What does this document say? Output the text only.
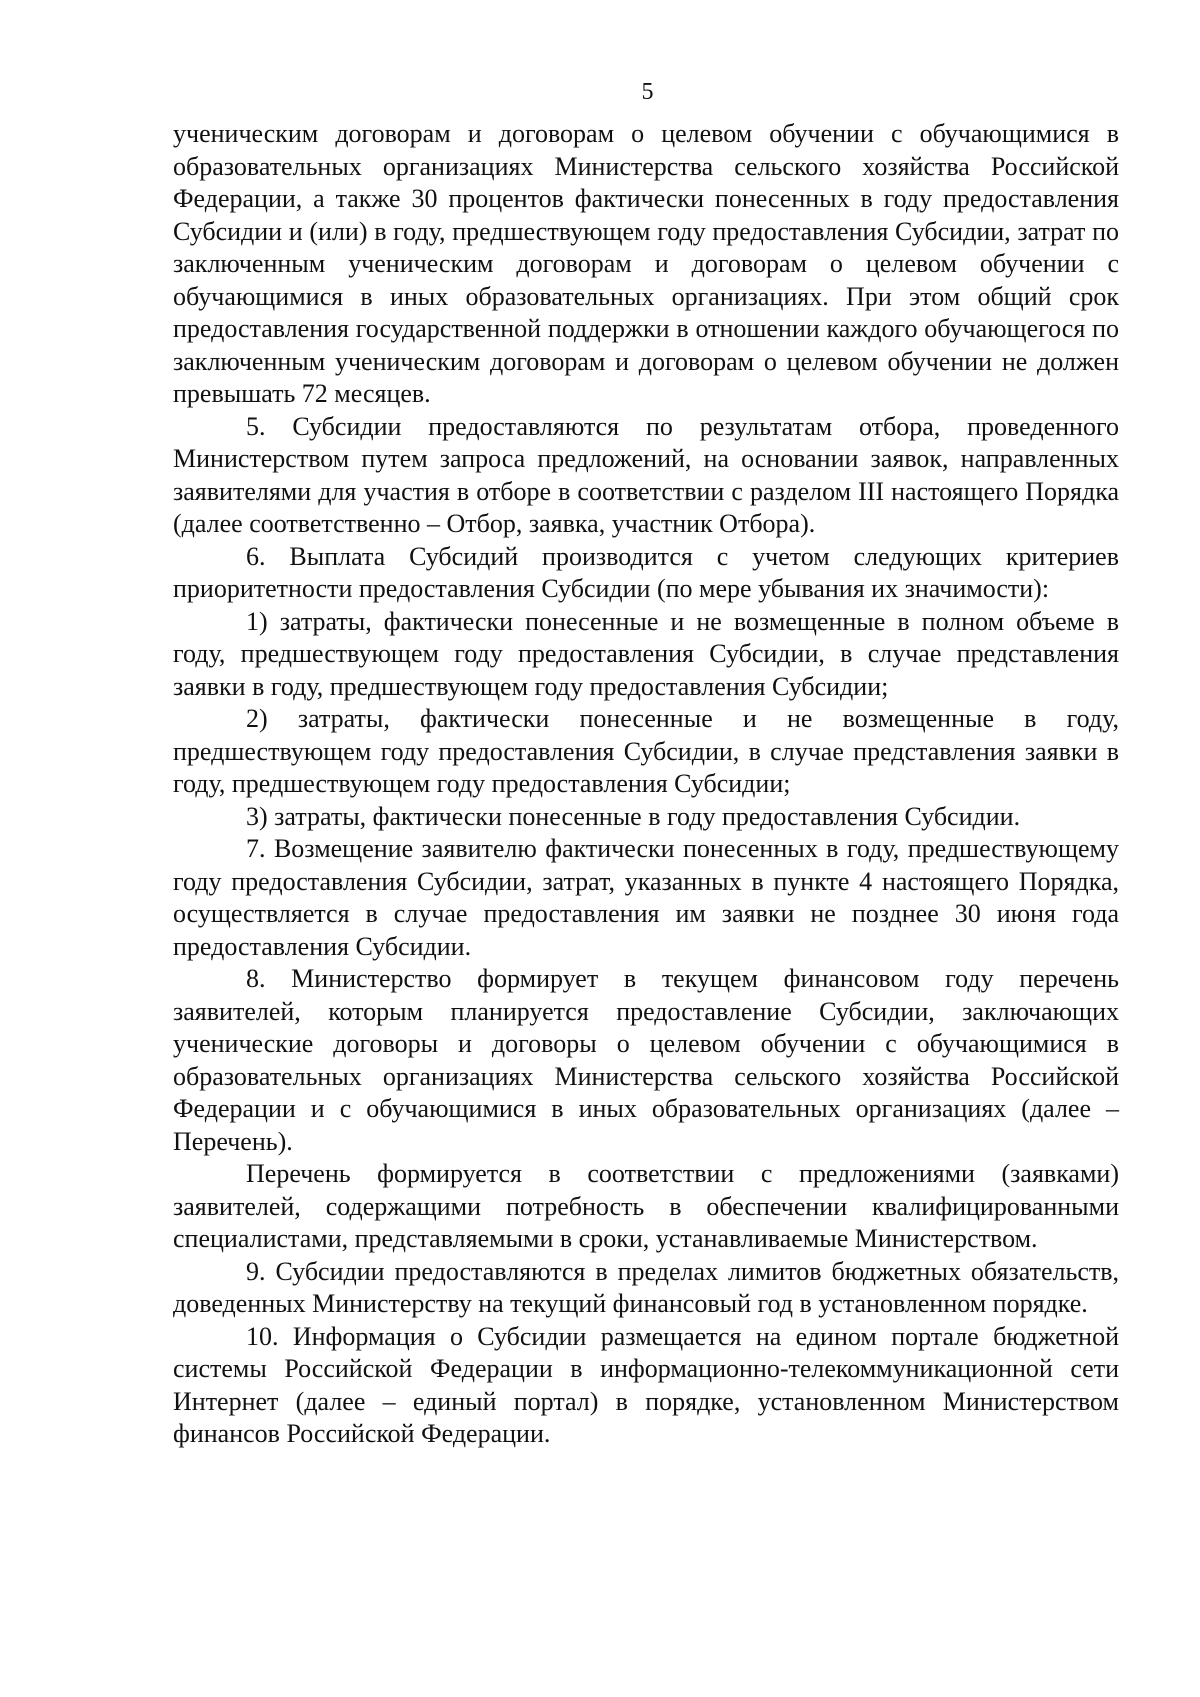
5

ученическим договорам и договорам о целевом обучении с обучающимися в образовательных организациях Министерства сельского хозяйства Российской Федерации, а также 30 процентов фактически понесенных в году предоставления Субсидии и (или) в году, предшествующем году предоставления Субсидии, затрат по заключенным ученическим договорам и договорам о целевом обучении с обучающимися в иных образовательных организациях. При этом общий срок предоставления государственной поддержки в отношении каждого обучающегося по заключенным ученическим договорам и договорам о целевом обучении не должен превышать 72 месяцев.

5. Субсидии предоставляются по результатам отбора, проведенного Министерством путем запроса предложений, на основании заявок, направленных заявителями для участия в отборе в соответствии с разделом III настоящего Порядка (далее соответственно – Отбор, заявка, участник Отбора).

6. Выплата Субсидий производится с учетом следующих критериев приоритетности предоставления Субсидии (по мере убывания их значимости):

1) затраты, фактически понесенные и не возмещенные в полном объеме в году, предшествующем году предоставления Субсидии, в случае представления заявки в году, предшествующем году предоставления Субсидии;

2) затраты, фактически понесенные и не возмещенные в году, предшествующем году предоставления Субсидии, в случае представления заявки в году, предшествующем году предоставления Субсидии;

3) затраты, фактически понесенные в году предоставления Субсидии.

7. Возмещение заявителю фактически понесенных в году, предшествующему году предоставления Субсидии, затрат, указанных в пункте 4 настоящего Порядка, осуществляется в случае предоставления им заявки не позднее 30 июня года предоставления Субсидии.

8. Министерство формирует в текущем финансовом году перечень заявителей, которым планируется предоставление Субсидии, заключающих ученические договоры и договоры о целевом обучении с обучающимися в образовательных организациях Министерства сельского хозяйства Российской Федерации и с обучающимися в иных образовательных организациях (далее – Перечень).

Перечень формируется в соответствии с предложениями (заявками) заявителей, содержащими потребность в обеспечении квалифицированными специалистами, представляемыми в сроки, устанавливаемые Министерством.

9. Субсидии предоставляются в пределах лимитов бюджетных обязательств, доведенных Министерству на текущий финансовый год в установленном порядке.

10. Информация о Субсидии размещается на едином портале бюджетной системы Российской Федерации в информационно-телекоммуникационной сети Интернет (далее – единый портал) в порядке, установленном Министерством финансов Российской Федерации.
